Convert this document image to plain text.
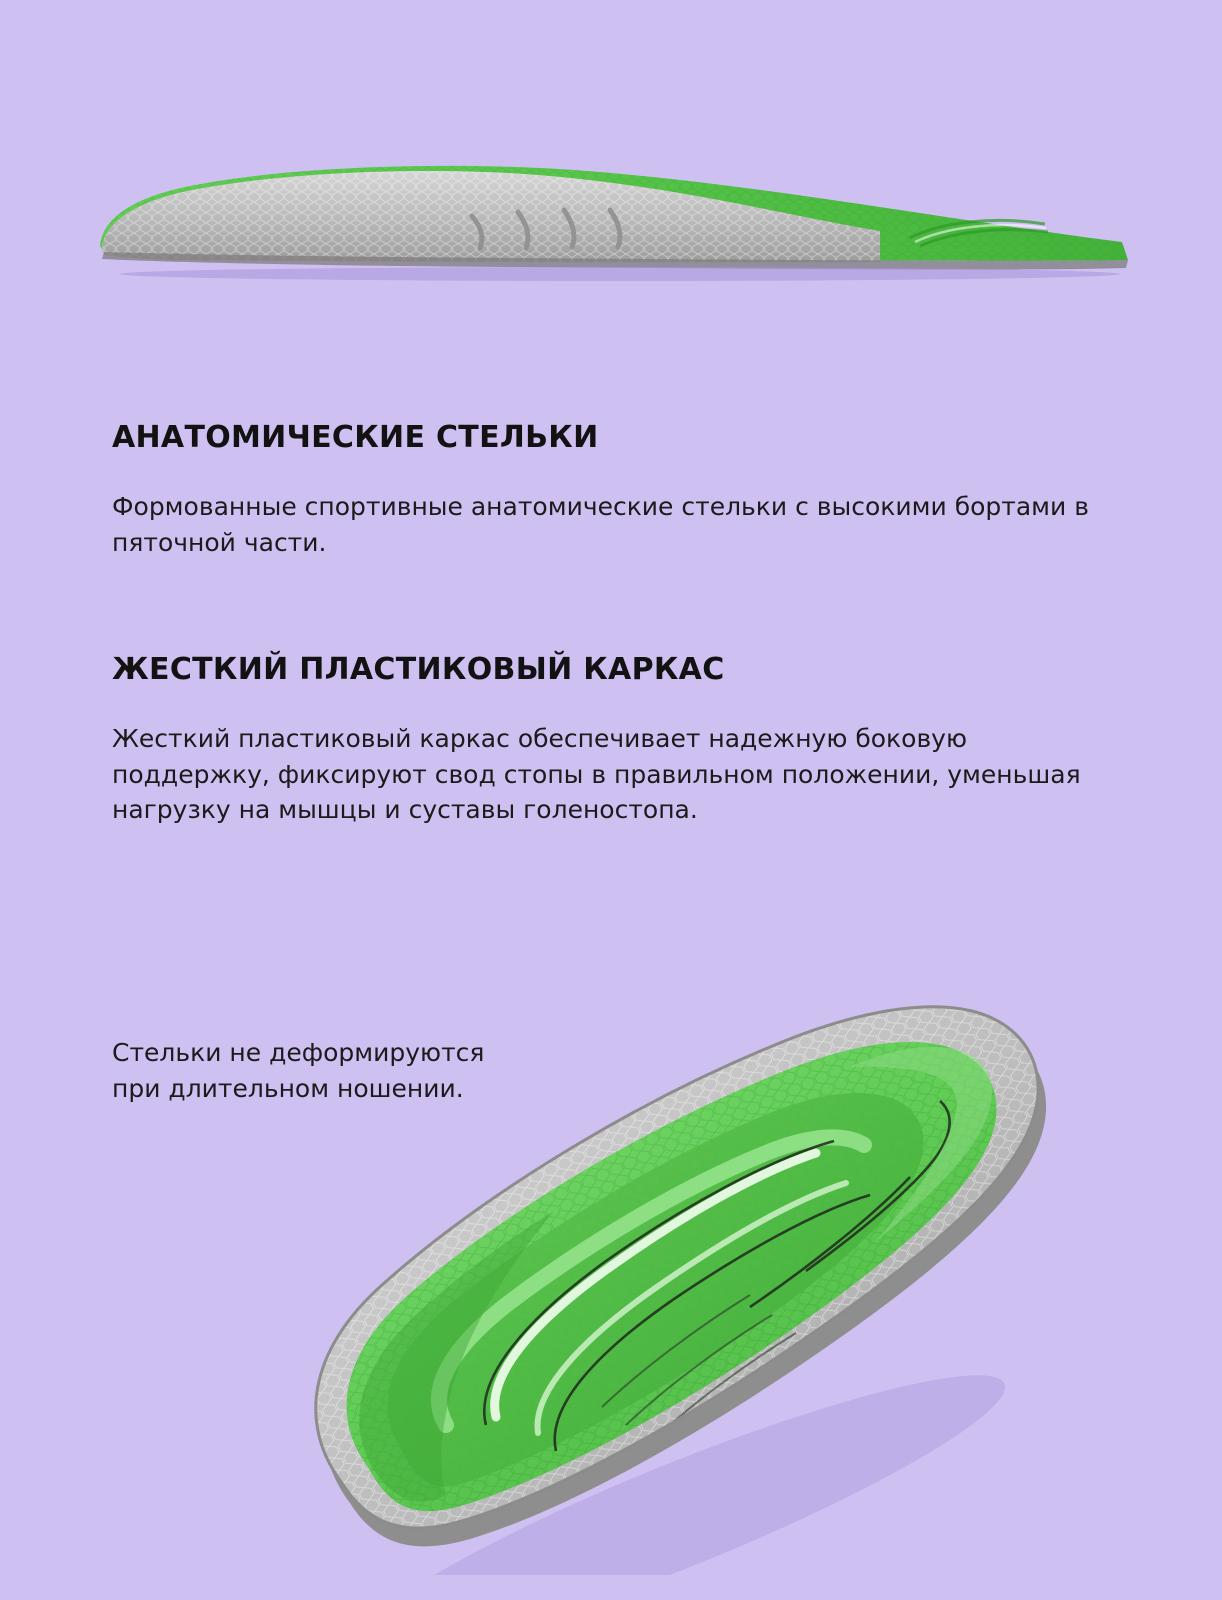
АНАТОМИЧЕСКИЕ СТЕЛЬКИ

Формованные спортивные анатомические стельки с высокими бортами в пяточной части.

ЖЕСТКИЙ ПЛАСТИКОВЫЙ КАРКАС

Жесткий пластиковый каркас обеспечивает надежную боковую поддержку, фиксируют свод стопы в правильном положении, уменьшая нагрузку на мышцы и суставы голеностопа.

Стельки не деформируются
при длительном ношении.
